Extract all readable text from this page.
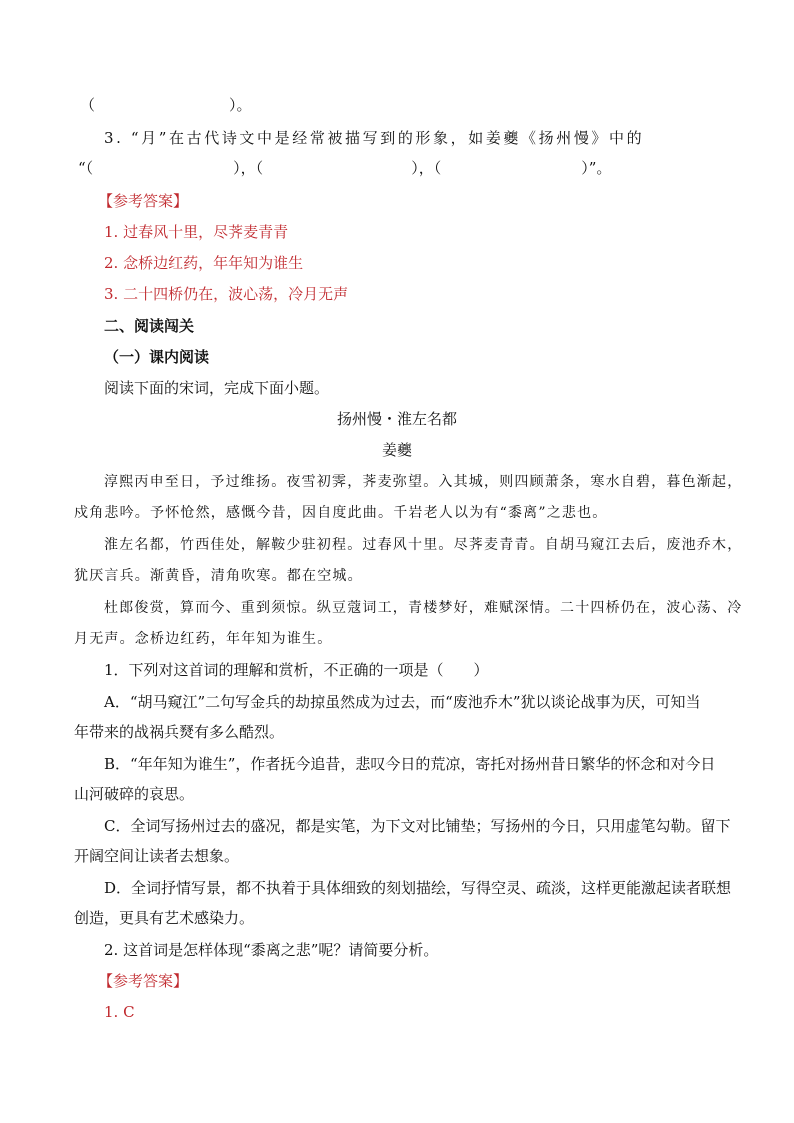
（	）。
3. “月”在古代诗文中是经常被描写到的形象，如姜夔《扬州慢》中的
“（	），（	），（	）”。
【参考答案】
1. 过春风十里，尽荠麦青青
2. 念桥边红药，年年知为谁生
3. 二十四桥仍在，波心荡，冷月无声
二、阅读闯关
（一）课内阅读
阅读下面的宋词，完成下面小题。
扬州慢・淮左名都
姜夔
淳熙丙申至日，予过维扬。夜雪初霁，荠麦弥望。入其城，则四顾萧条，寒水自碧，暮色渐起，
戍角悲吟。予怀怆然，感慨今昔，因自度此曲。千岩老人以为有“黍离”之悲也。
淮左名都，竹西佳处，解鞍少驻初程。过春风十里。尽荠麦青青。自胡马窥江去后，废池乔木，
犹厌言兵。渐黄昏，清角吹寒。都在空城。
杜郎俊赏，算而今、重到须惊。纵豆蔻词工，青楼梦好，难赋深情。二十四桥仍在，波心荡、冷
月无声。念桥边红药，年年知为谁生。
1．下列对这首词的理解和赏析，不正确的一项是（　　）
A．“胡马窥江”二句写金兵的劫掠虽然成为过去，而“废池乔木”犹以谈论战事为厌，可知当
年带来的战祸兵燹有多么酷烈。
B．“年年知为谁生”，作者抚今追昔，悲叹今日的荒凉，寄托对扬州昔日繁华的怀念和对今日
山河破碎的哀思。
C．全词写扬州过去的盛况，都是实笔，为下文对比铺垫；写扬州的今日，只用虚笔勾勒。留下
开阔空间让读者去想象。
D．全词抒情写景，都不执着于具体细致的刻划描绘，写得空灵、疏淡，这样更能激起读者联想
创造，更具有艺术感染力。
2. 这首词是怎样体现“黍离之悲”呢？请简要分析。
【参考答案】
1. C
